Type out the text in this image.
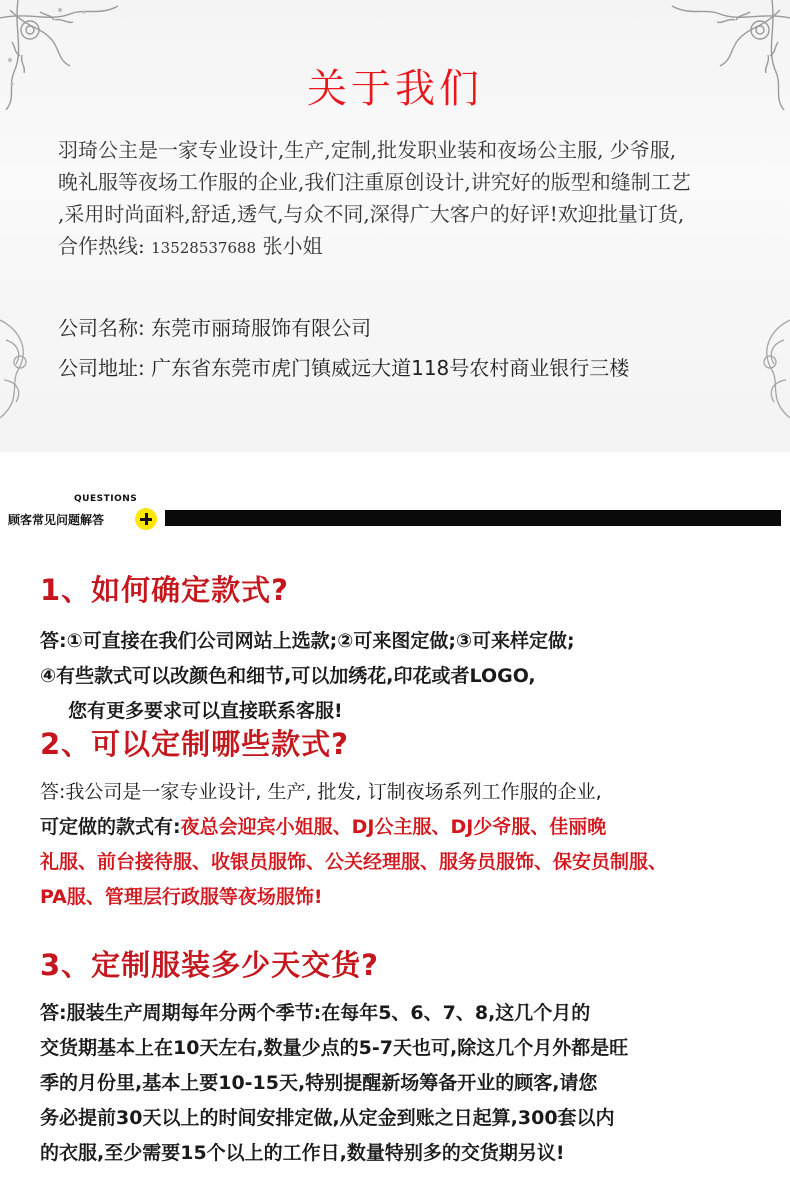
关于我们
羽琦公主是一家专业设计,生产,定制,批发职业装和夜场公主服, 少爷服,
晚礼服等夜场工作服的企业,我们注重原创设计,讲究好的版型和缝制工艺
,采用时尚面料,舒适,透气,与众不同,深得广大客户的好评!欢迎批量订货,
合作热线: 13528537688 张小姐
公司名称: 东莞市丽琦服饰有限公司
公司地址: 广东省东莞市虎门镇威远大道118号农村商业银行三楼
QUESTIONS
顾客常见问题解答
1、如何确定款式?
答:①可直接在我们公司网站上选款;②可来图定做;③可来样定做;
④有些款式可以改颜色和细节,可以加绣花,印花或者LOGO,
您有更多要求可以直接联系客服!
2、可以定制哪些款式?
答:我公司是一家专业设计, 生产, 批发, 订制夜场系列工作服的企业,
可定做的款式有:夜总会迎宾小姐服、DJ公主服、DJ少爷服、佳丽晚
礼服、前台接待服、收银员服饰、公关经理服、服务员服饰、保安员制服、
PA服、管理层行政服等夜场服饰!
3、定制服装多少天交货?
答:服装生产周期每年分两个季节:在每年5、6、7、8,这几个月的
交货期基本上在10天左右,数量少点的5-7天也可,除这几个月外都是旺
季的月份里,基本上要10-15天,特别提醒新场筹备开业的顾客,请您
务必提前30天以上的时间安排定做,从定金到账之日起算,300套以内
的衣服,至少需要15个以上的工作日,数量特别多的交货期另议!
